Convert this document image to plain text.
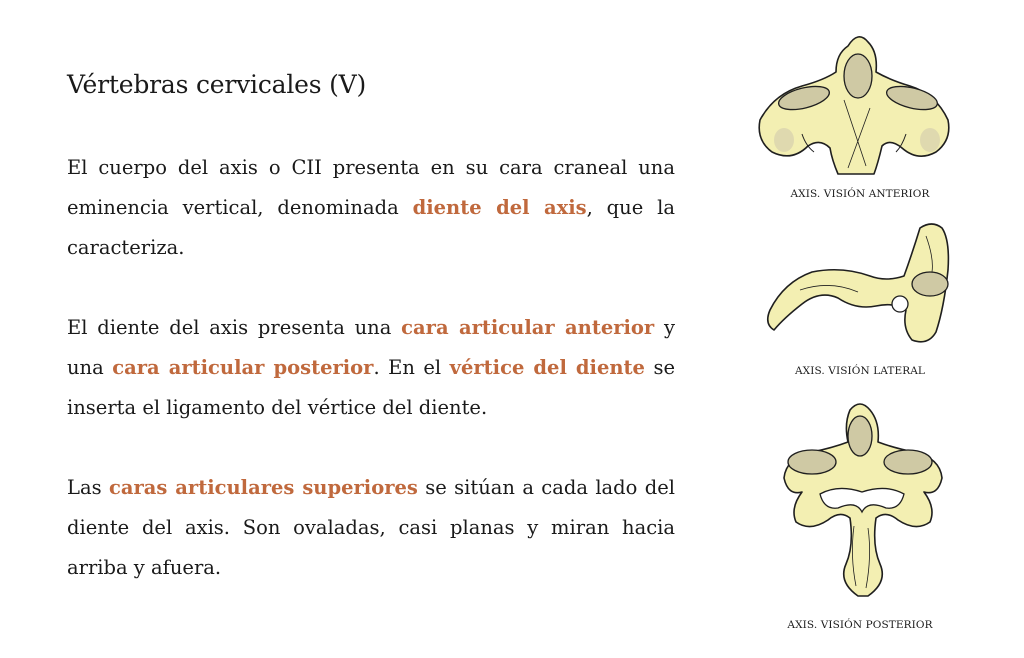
Vértebras cervicales (V)

El cuerpo del axis o CII presenta en su cara craneal una eminencia vertical, denominada diente del axis, que la caracteriza.

El diente del axis presenta una cara articular anterior y una cara articular posterior. En el vértice del diente se inserta el ligamento del vértice del diente.

Las caras articulares superiores se sitúan a cada lado del diente del axis. Son ovaladas, casi planas y miran hacia arriba y afuera.

AXIS. VISIÓN ANTERIOR
AXIS. VISIÓN LATERAL
AXIS. VISIÓN POSTERIOR
